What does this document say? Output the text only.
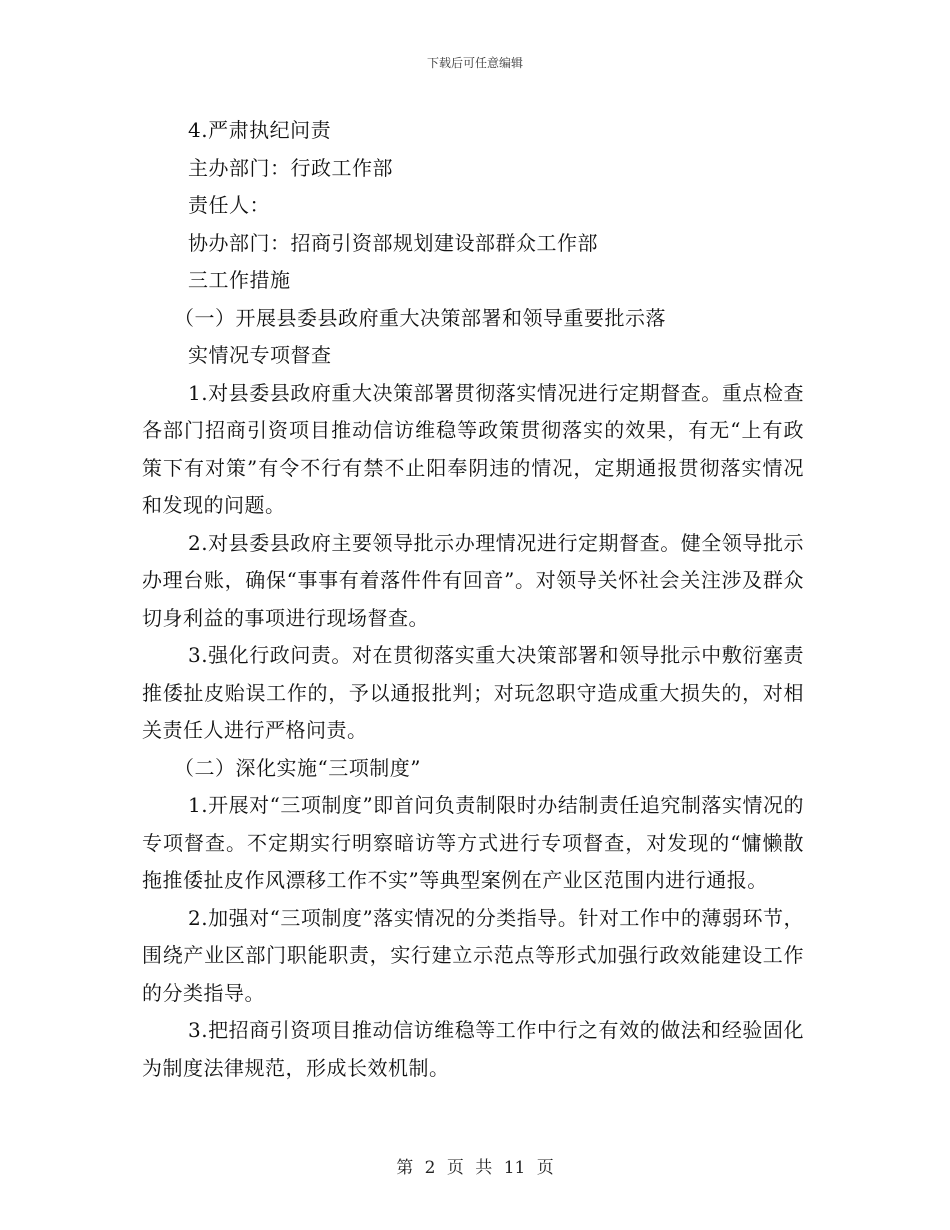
下载后可任意编辑

4.严肃执纪问责

主办部门：行政工作部

责任人：

协办部门：招商引资部规划建设部群众工作部

三工作措施

（一）开展县委县政府重大决策部署和领导重要批示落

实情况专项督查

1.对县委县政府重大决策部署贯彻落实情况进行定期督查。重点检查各部门招商引资项目推动信访维稳等政策贯彻落实的效果，有无“上有政策下有对策”有令不行有禁不止阳奉阴违的情况，定期通报贯彻落实情况和发现的问题。

2.对县委县政府主要领导批示办理情况进行定期督查。健全领导批示办理台账，确保“事事有着落件件有回音”。对领导关怀社会关注涉及群众切身利益的事项进行现场督查。

3.强化行政问责。对在贯彻落实重大决策部署和领导批示中敷衍塞责推倭扯皮贻误工作的，予以通报批判；对玩忽职守造成重大损失的，对相关责任人进行严格问责。

（二）深化实施“三项制度”

1.开展对“三项制度”即首问负责制限时办结制责任追究制落实情况的专项督查。不定期实行明察暗访等方式进行专项督查，对发现的“慵懒散拖推倭扯皮作风漂移工作不实”等典型案例在产业区范围内进行通报。

2.加强对“三项制度”落实情况的分类指导。针对工作中的薄弱环节，围绕产业区部门职能职责，实行建立示范点等形式加强行政效能建设工作的分类指导。

3.把招商引资项目推动信访维稳等工作中行之有效的做法和经验固化为制度法律规范，形成长效机制。

第 2 页 共 11 页
